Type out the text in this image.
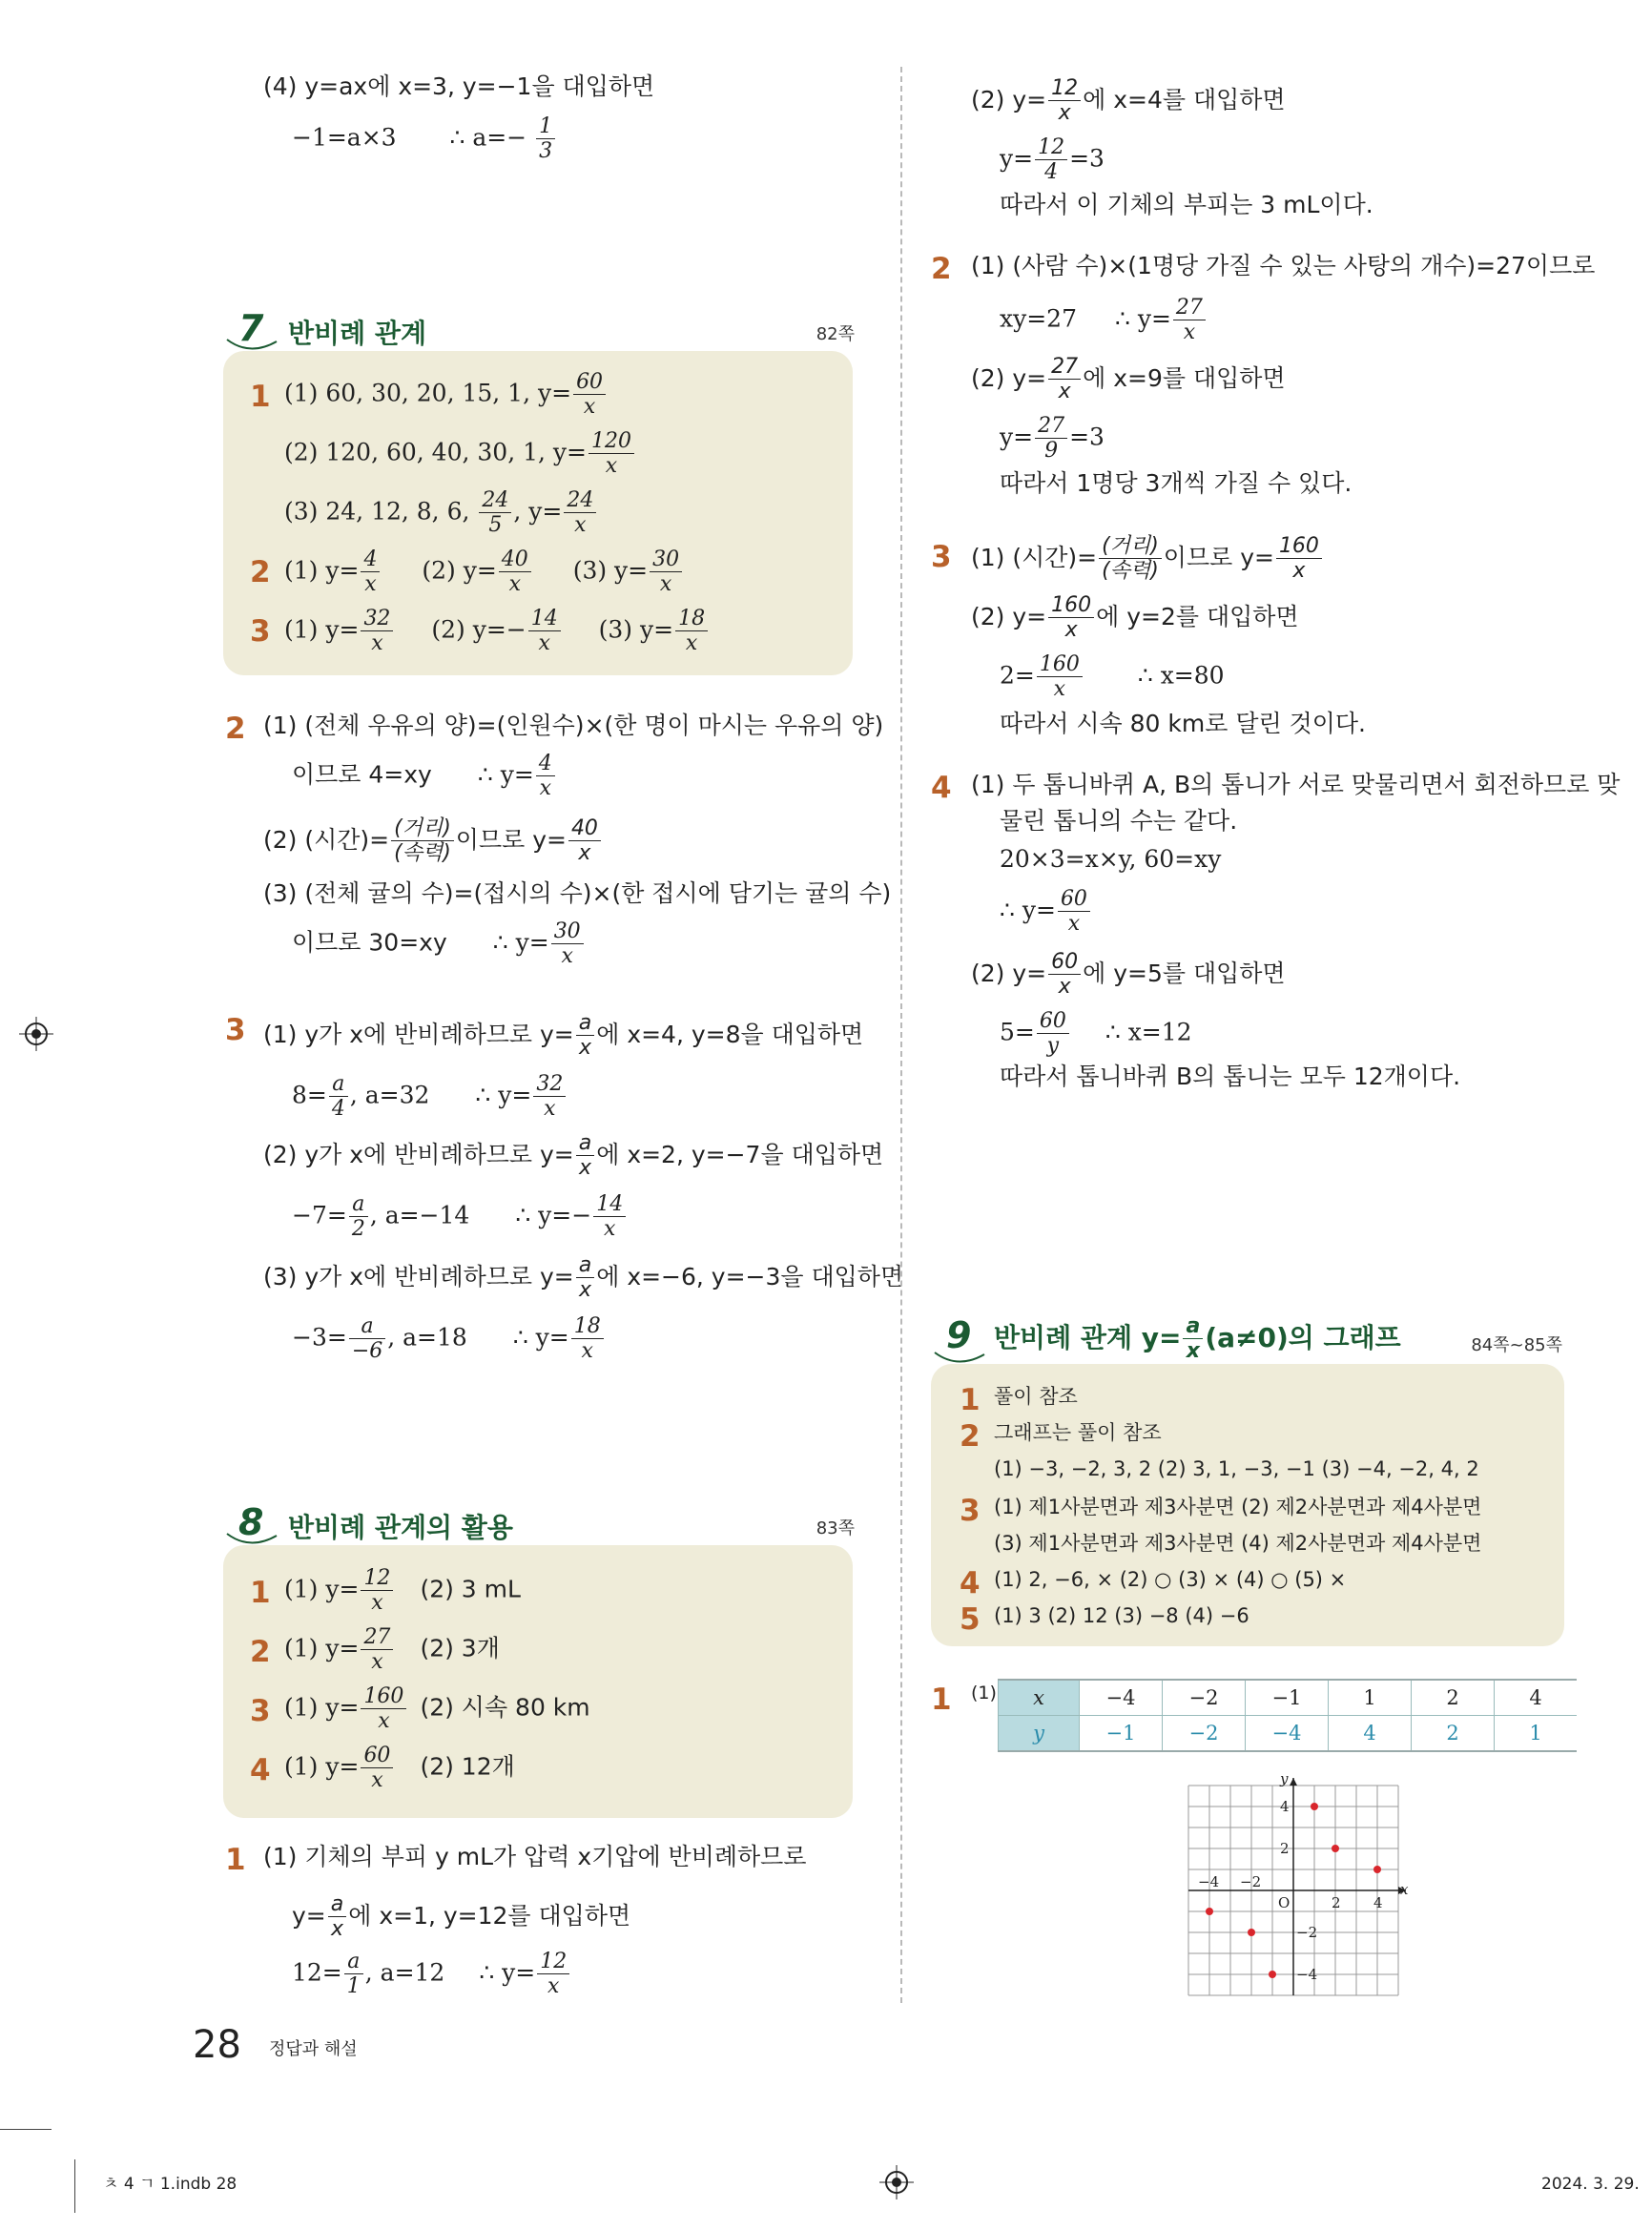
(4) y=ax에 x=3, y=−1을 대입하면
−1=a×3 ∴ $a=- \frac{1}{3}$
7 반비례 관계	82쪽
1 (1) 60, 30, 20, 15, 1, $y= \frac{60}{x}$
(2) 120, 60, 40, 30, 1, $y= \frac{120}{x}$
(3) 24, 12, 8, 6, $\frac{24}{5}$ , $y= \frac{24}{x}$
2 (1) $y= \frac{4}{x} (2)$ $y= \frac{40}{x} (3)$ $y= \frac{30}{x}$
3 (1) $y= \frac{32}{x} (2)$ $y=- \frac{14}{x} (3)$ $y= \frac{18}{x}$
2 (1) (전체 우유의 양)=(인원수)×(한 명이 마시는 우유의 양)
이므로 4=xy ∴ $y= \frac{4}{x}$
(2) (시간)= $\frac{\text{(거리)}}{\text{(속력)}}$ 이므로 $y= \frac{40}{x}$
(3) (전체 귤의 수)=(접시의 수)×(한 접시에 담기는 귤의 수)
이므로 30=xy ∴ $y= \frac{30}{x}$
3 (1) y가 x에 반비례하므로 $y= \frac{a}{x}$ 에 x=4, y=8을 대입하면
$8= \frac{a}{4}$ , a=32 ∴ $y= \frac{32}{x}$
(2) y가 x에 반비례하므로 $y= \frac{a}{x}$ 에 x=2, y=−7을 대입하면
$-7= \frac{a}{2}$ , a=−14 ∴ $y=- \frac{14}{x}$
(3) y가 x에 반비례하므로 $y= \frac{a}{x}$ 에 x=−6, y=−3을 대입하면
$-3= \frac{a}{-6}$ , a=18 ∴ $y= \frac{18}{x}$
8 반비례 관계의 활용	83쪽
1 (1) $y= \frac{12}{x} (2)$ 3 mL
2 (1) $y= \frac{27}{x} (2)$ 3개
3 (1) $y= \frac{160}{x} (2)$ 시속 80 km
4 (1) $y= \frac{60}{x} (2)$ 12개
1 (1) 기체의 부피 y mL가 압력 x기압에 반비례하므로
$y= \frac{a}{x}$ 에 x=1, y=12를 대입하면
$12= \frac{a}{1}$ , a=12 ∴ $y= \frac{12}{x}$
(2) $y= \frac{12}{x}$ 에 x=4를 대입하면
$y= \frac{12}{4} =3$
따라서 이 기체의 부피는 3 mL이다.
2 (1) (사람 수)×(1명당 가질 수 있는 사탕의 개수)=27이므로
xy=27 ∴ $y= \frac{27}{x}$
(2) $y= \frac{27}{x}$ 에 x=9를 대입하면
$y= \frac{27}{9} =3$
따라서 1명당 3개씩 가질 수 있다.
3 (1) (시간)= $\frac{\text{(거리)}}{\text{(속력)}}$ 이므로 $y= \frac{160}{x}$
(2) $y= \frac{160}{x}$ 에 y=2를 대입하면
$2= \frac{160}{x}$ ∴ x=80
따라서 시속 80 km로 달린 것이다.
4 (1) 두 톱니바퀴 A, B의 톱니가 서로 맞물리면서 회전하므로 맞
물린 톱니의 수는 같다.
20×3=x×y, 60=xy
∴ $y= \frac{60}{x}$
(2) $y= \frac{60}{x}$ 에 y=5를 대입하면
$5= \frac{60}{y}$ ∴ x=12
따라서 톱니바퀴 B의 톱니는 모두 12개이다.
9 반비례 관계 $y= \frac{a}{x} (a\ne 0)$의 그래프	84쪽~85쪽
1 풀이 참조
2 그래프는 풀이 참조
(1) −3, −2, 3, 2 (2) 3, 1, −3, −1 (3) −4, −2, 4, 2
3 (1) 제1사분면과 제3사분면 (2) 제2사분면과 제4사분면
(3) 제1사분면과 제3사분면 (4) 제2사분면과 제4사분면
4 (1) 2, −6, × (2) ○ (3) × (4) ○ (5) ×
5 (1) 3 (2) 12 (3) −8 (4) −6
1 (1) x	−4	−2	−1	1	2	4
y	−1	−2	−4	4	2	1
x
y
O
−4 −2
2 4
4
2
−2
−4
28 정답과 해설
ㅊ 4 ㄱ 1.indb 28	2024. 3. 29.
